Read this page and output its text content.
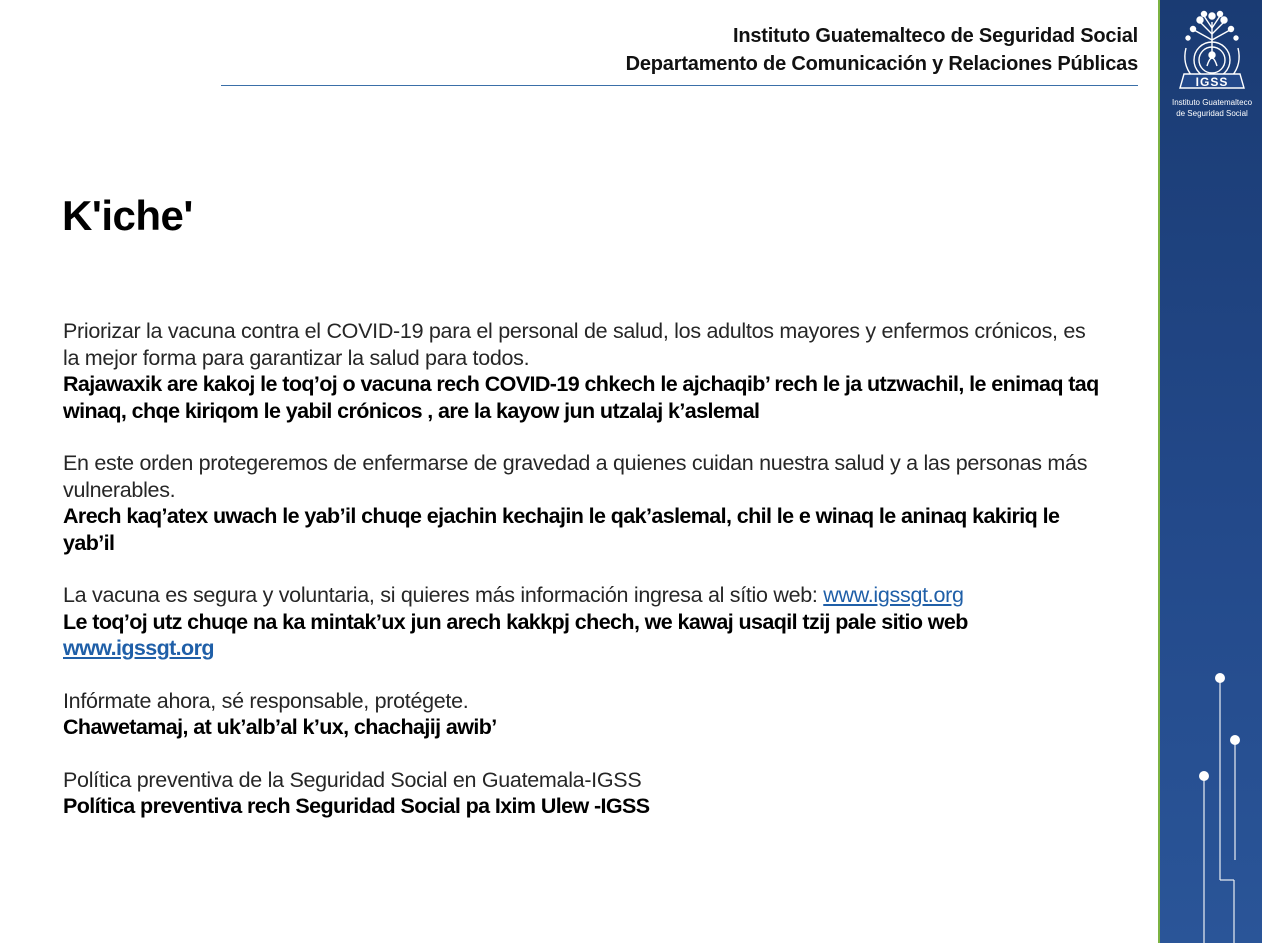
Instituto Guatemalteco de Seguridad Social
Departamento de Comunicación y Relaciones Públicas
IGSS
Instituto Guatemalteco
de Seguridad Social
K'iche'
Priorizar la vacuna contra el COVID-19 para el personal de salud, los adultos mayores y enfermos crónicos, es la mejor forma para garantizar la salud para todos.
Rajawaxik are kakoj le toq’oj o vacuna rech COVID-19 chkech le ajchaqib’ rech le ja utzwachil, le enimaq taq winaq, chqe kiriqom le yabil crónicos , are la kayow jun utzalaj k’aslemal
En este orden protegeremos de enfermarse de gravedad a quienes cuidan nuestra salud y a las personas más vulnerables.
Arech kaq’atex uwach le yab’il chuqe ejachin kechajin le qak’aslemal, chil le e winaq le aninaq kakiriq le yab’il
La vacuna es segura y voluntaria, si quieres más información ingresa al sítio web: www.igssgt.org
Le toq’oj utz chuqe na ka mintak’ux jun arech kakkpj chech, we kawaj usaqil tzij pale sitio web www.igssgt.org
Infórmate ahora, sé responsable, protégete.
Chawetamaj, at uk’alb’al k’ux, chachajij awib’
Política preventiva de la Seguridad Social en Guatemala-IGSS
Política preventiva rech Seguridad Social pa Ixim Ulew -IGSS
